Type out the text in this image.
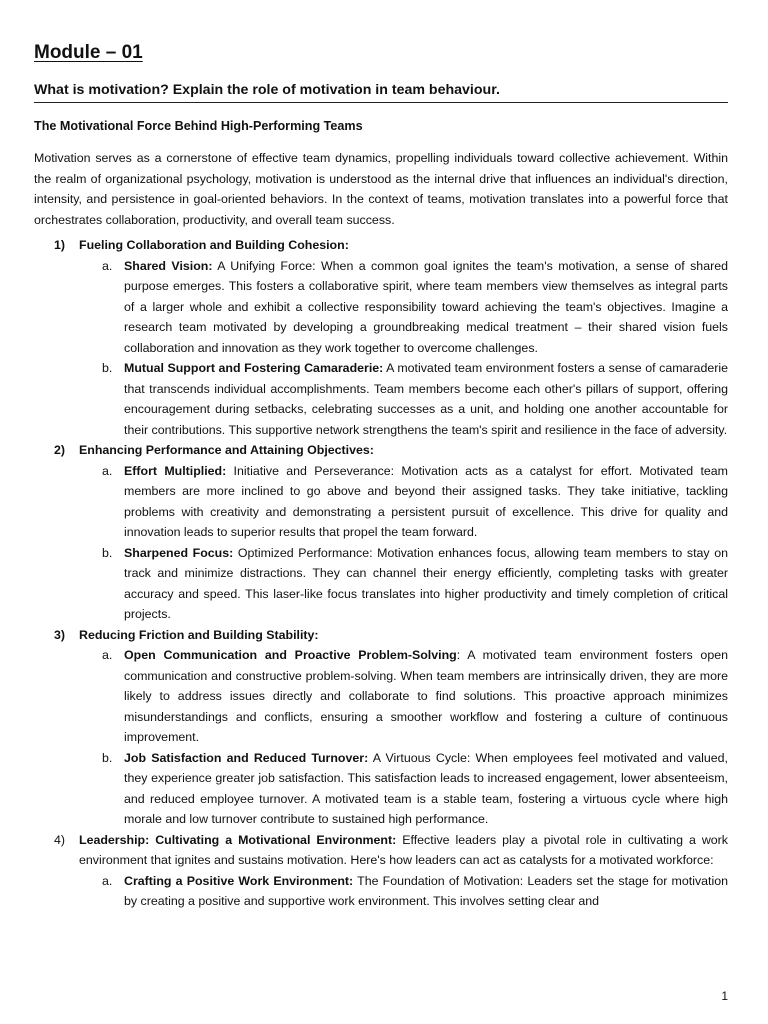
Module – 01
What is motivation? Explain the role of motivation in team behaviour.
The Motivational Force Behind High-Performing Teams
Motivation serves as a cornerstone of effective team dynamics, propelling individuals toward collective achievement. Within the realm of organizational psychology, motivation is understood as the internal drive that influences an individual's direction, intensity, and persistence in goal-oriented behaviors. In the context of teams, motivation translates into a powerful force that orchestrates collaboration, productivity, and overall team success.
1) Fueling Collaboration and Building Cohesion:
a. Shared Vision: A Unifying Force: When a common goal ignites the team's motivation, a sense of shared purpose emerges. This fosters a collaborative spirit, where team members view themselves as integral parts of a larger whole and exhibit a collective responsibility toward achieving the team's objectives. Imagine a research team motivated by developing a groundbreaking medical treatment – their shared vision fuels collaboration and innovation as they work together to overcome challenges.
b. Mutual Support and Fostering Camaraderie: A motivated team environment fosters a sense of camaraderie that transcends individual accomplishments. Team members become each other's pillars of support, offering encouragement during setbacks, celebrating successes as a unit, and holding one another accountable for their contributions. This supportive network strengthens the team's spirit and resilience in the face of adversity.
2) Enhancing Performance and Attaining Objectives:
a. Effort Multiplied: Initiative and Perseverance: Motivation acts as a catalyst for effort. Motivated team members are more inclined to go above and beyond their assigned tasks. They take initiative, tackling problems with creativity and demonstrating a persistent pursuit of excellence. This drive for quality and innovation leads to superior results that propel the team forward.
b. Sharpened Focus: Optimized Performance: Motivation enhances focus, allowing team members to stay on track and minimize distractions. They can channel their energy efficiently, completing tasks with greater accuracy and speed. This laser-like focus translates into higher productivity and timely completion of critical projects.
3) Reducing Friction and Building Stability:
a. Open Communication and Proactive Problem-Solving: A motivated team environment fosters open communication and constructive problem-solving. When team members are intrinsically driven, they are more likely to address issues directly and collaborate to find solutions. This proactive approach minimizes misunderstandings and conflicts, ensuring a smoother workflow and fostering a culture of continuous improvement.
b. Job Satisfaction and Reduced Turnover: A Virtuous Cycle: When employees feel motivated and valued, they experience greater job satisfaction. This satisfaction leads to increased engagement, lower absenteeism, and reduced employee turnover. A motivated team is a stable team, fostering a virtuous cycle where high morale and low turnover contribute to sustained high performance.
4) Leadership: Cultivating a Motivational Environment: Effective leaders play a pivotal role in cultivating a work environment that ignites and sustains motivation. Here's how leaders can act as catalysts for a motivated workforce:
a. Crafting a Positive Work Environment: The Foundation of Motivation: Leaders set the stage for motivation by creating a positive and supportive work environment. This involves setting clear and
1
